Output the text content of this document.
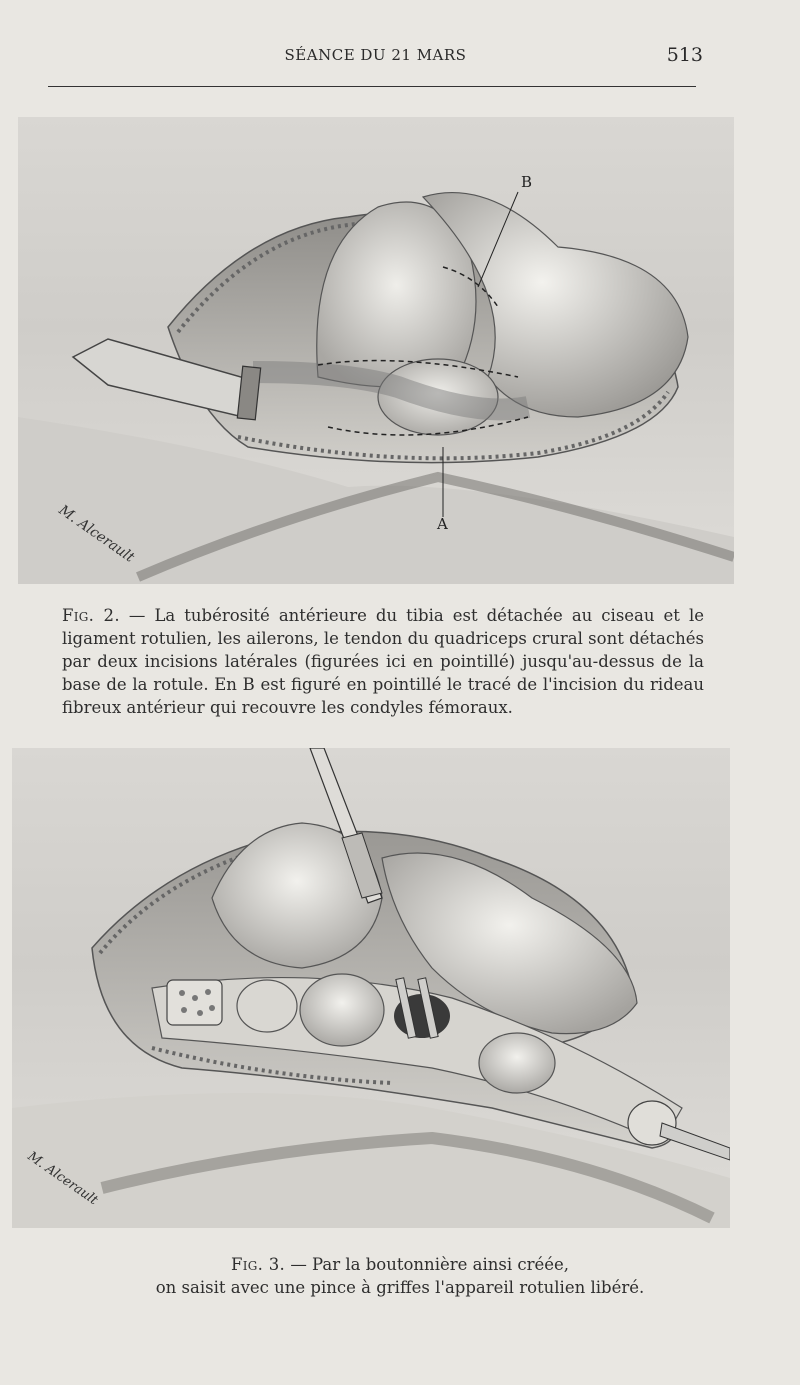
SÉANCE DU 21 MARS	513
B
A
M. Alcerault
Fig. 2. — La tubérosité antérieure du tibia est détachée au ciseau et le ligament rotulien, les ailerons, le tendon du quadriceps crural sont détachés par deux incisions latérales (figurées ici en pointillé) jusqu'au-dessus de la base de la rotule. En B est figuré en pointillé le tracé de l'incision du rideau fibreux antérieur qui recouvre les condyles fémoraux.
M. Alcerault
Fig. 3. — Par la boutonnière ainsi créée,
on saisit avec une pince à griffes l'appareil rotulien libéré.
